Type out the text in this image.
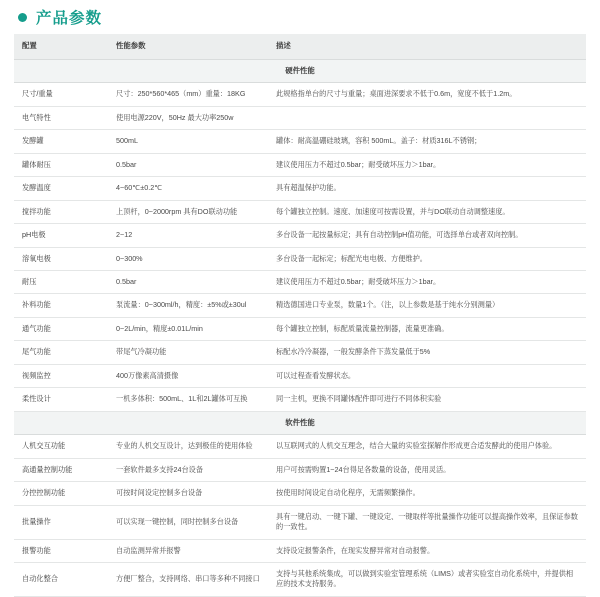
产品参数
配置	性能参数	描述
硬件性能		
尺寸/重量	尺寸：250*560*465（mm）重量：18KG	此规格指单台的尺寸与重量；桌面进深要求不低于0.6m，宽度不低于1.2m。
电气特性	使用电源220V，50Hz 最大功率250w	
发酵罐	500mL	罐体：耐高温硼硅玻璃，容积 500mL。盖子：材质316L不锈钢；
罐体耐压	0.5bar	建议使用压力不超过0.5bar；耐受破坏压力＞1bar。
发酵温度	4~60℃±0.2℃	具有超温保护功能。
搅拌功能	上顶杆，0~2000rpm 具有DO联动功能	每个罐独立控制。速度、加速度可按需设置，并与DO联动自动调整速度。
pH电极	2~12	多台设备一起按量标定；具有自动控制pH值功能，可选择单台或者双向控制。
溶氧电极	0~300%	多台设备一起标定；标配光电电极、方便维护。
耐压	0.5bar	建议使用压力不超过0.5bar；耐受破坏压力＞1bar。
补料功能	泵流量：0~300ml/h，精度：±5%或±30ul	精选德国进口专业泵，数量1个。（注，以上参数是基于纯水分别测量）
通气功能	0~2L/min，精度±0.01L/min	每个罐独立控制，标配质量流量控制器，流量更准确。
尾气功能	带尾气冷凝功能	标配水冷冷凝器，一般发酵条件下蒸发量低于5%
视频监控	400万像素高清摄像	可以过程查看发酵状态。
柔性设计	一机多体积：500mL、1L和2L罐体可互换	同一主机，更换不同罐体配件即可进行不同体积实验
软件性能		
人机交互功能	专业的人机交互设计，达到极佳的使用体验	以互联网式的人机交互理念，结合大量的实验室探解作形成更合适发酵此的使用户体验。
高通量控制功能	一套软件最多支持24台设备	用户可按需购置1~24台得足各数量的设备，使用灵活。
分控控制功能	可按时间设定控制多台设备	按使用时间设定自动化程序，无需频繁操作。
批量操作	可以实现一键控制，同时控制多台设备	具有一键启动、一键下罐、一键设定、一键取样等批量操作功能可以提高操作效率，且保证参数的一致性。
报警功能	自动监测异常并报警	支持设定报警条件，在现实发酵异常对自动报警。
自动化整合	方便厂整合，支持网络、串口等多种不同接口	支持与其他系统集成，可以做到实验室管理系统（LIMS）或者实验室自动化系统中，并提供相应的技术支持服务。
